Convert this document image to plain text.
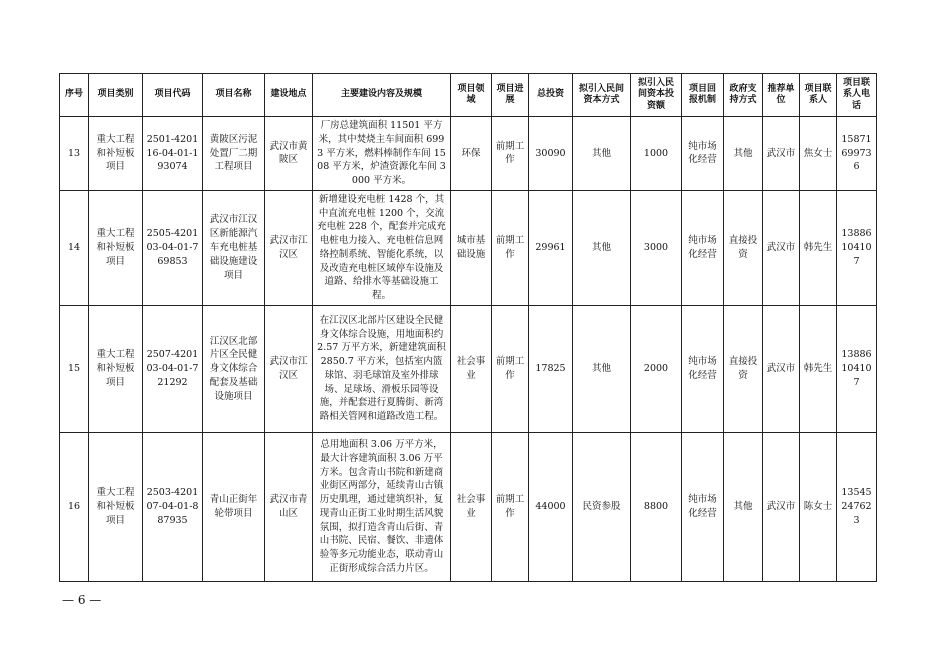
序号	项目类别	项目代码	项目名称	建设地点	主要建设内容及规模	项目领域	项目进展	总投资	拟引入民间资本方式	拟引入民间资本投资额	项目回报机制	政府支持方式	推荐单位	项目联系人	项目联系人电话
13	重大工程和补短板项目	2501-420116-04-01-193074	黄陂区污泥处置厂二期工程项目	武汉市黄陂区	厂房总建筑面积 11501 平方米，其中焚烧主车间面积 6993 平方米，燃料棒制作车间 1508 平方米，炉渣资源化车间 3000 平方米。	环保	前期工作	30090	其他	1000	纯市场化经营	其他	武汉市	焦女士	15871699736
14	重大工程和补短板项目	2505-420103-04-01-769853	武汉市江汉区新能源汽车充电桩基础设施建设项目	武汉市江汉区	新增建设充电桩 1428 个，其中直流充电桩 1200 个，交流充电桩 228 个，配套并完成充电桩电力接入、充电桩信息网络控制系统、智能化系统，以及改造充电桩区域停车设施及道路、给排水等基础设施工程。	城市基础设施	前期工作	29961	其他	3000	纯市场化经营	直接投资	武汉市	韩先生	13886104107
15	重大工程和补短板项目	2507-420103-04-01-721292	江汉区北部片区全民健身文体综合配套及基础设施项目	武汉市江汉区	在江汉区北部片区建设全民健身文体综合设施，用地面积约 2.57 万平方米，新建建筑面积 2850.7 平方米，包括室内篮球馆、羽毛球馆及室外排球场、足球场、滑板乐园等设施，并配套进行夏腾街、新湾路相关管网和道路改造工程。	社会事业	前期工作	17825	其他	2000	纯市场化经营	直接投资	武汉市	韩先生	13886104107
16	重大工程和补短板项目	2503-420107-04-01-887935	青山正街年轮带项目	武汉市青山区	总用地面积 3.06 万平方米，最大计容建筑面积 3.06 万平方米。包含青山书院和新建商业街区两部分，延续青山古镇历史肌理，通过建筑织补，复现青山正街工业时期生活风貌氛围，拟打造含青山后街、青山书院、民宿、餐饮、非遗体验等多元功能业态，联动青山正街形成综合活力片区。	社会事业	前期工作	44000	民资参股	8800	纯市场化经营	其他	武汉市	陈女士	13545247623
— 6 —
